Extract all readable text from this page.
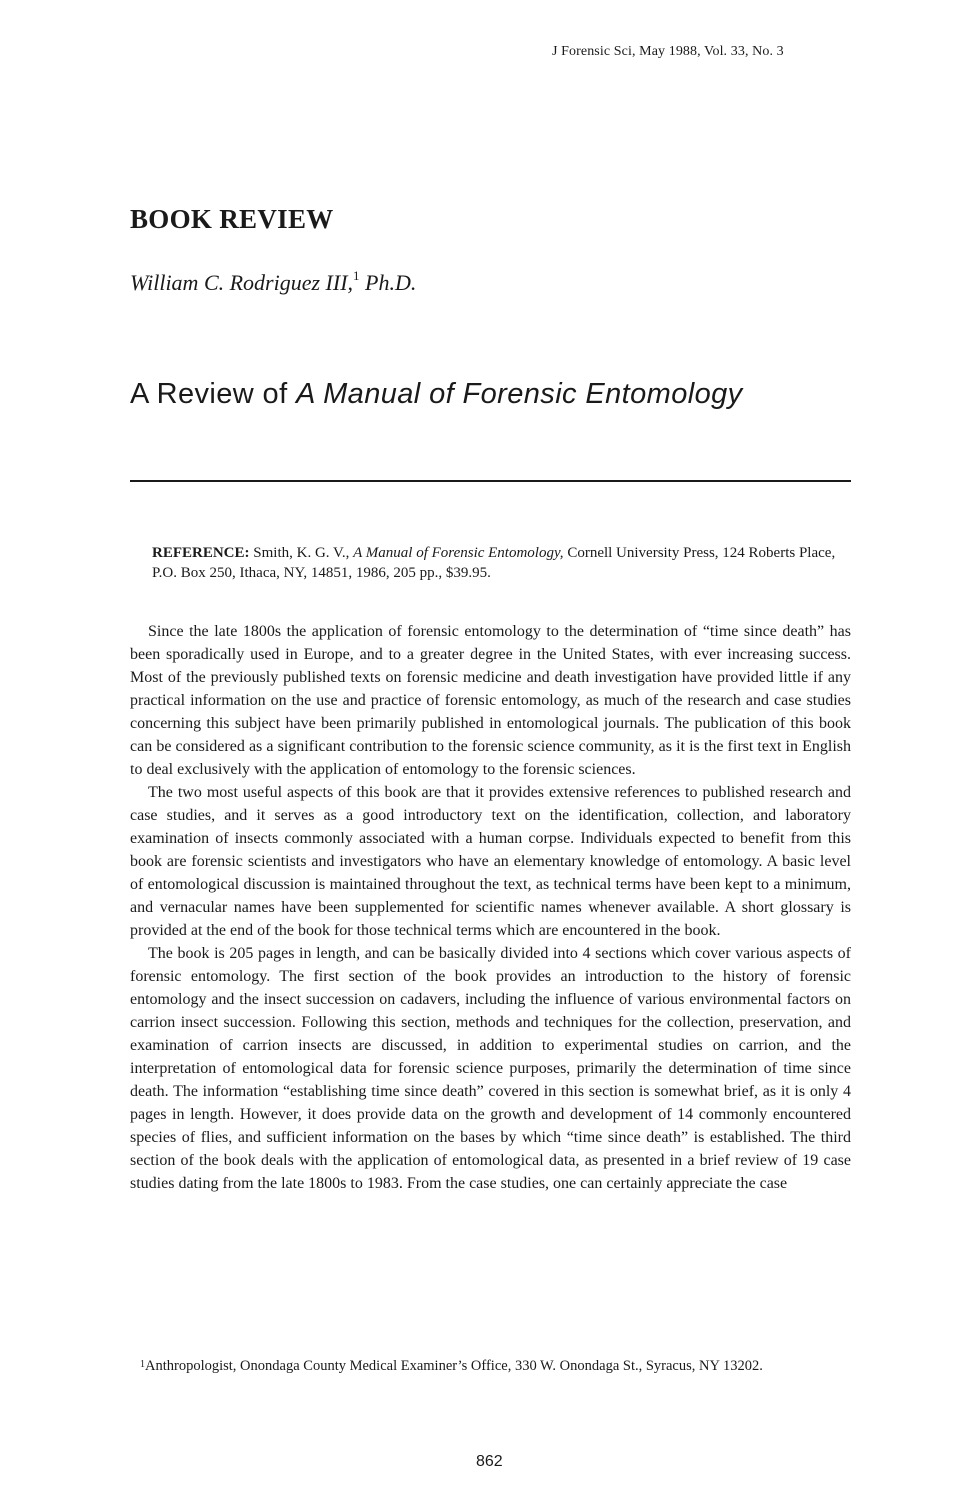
J Forensic Sci, May 1988, Vol. 33, No. 3
BOOK REVIEW
William C. Rodriguez III,$^1$ Ph.D.
A Review of A Manual of Forensic Entomology
REFERENCE: Smith, K. G. V., A Manual of Forensic Entomology, Cornell University Press, 124 Roberts Place, P.O. Box 250, Ithaca, NY, 14851, 1986, 205 pp., $39.95.

Since the late 1800s the application of forensic entomology to the determination of “time since death” has been sporadically used in Europe, and to a greater degree in the United States, with ever increasing success. Most of the previously published texts on forensic medicine and death investigation have provided little if any practical information on the use and practice of forensic entomology, as much of the research and case studies concerning this subject have been primarily published in entomological journals. The publication of this book can be considered as a significant contribution to the forensic science community, as it is the first text in English to deal exclusively with the application of entomology to the forensic sciences.

The two most useful aspects of this book are that it provides extensive references to published research and case studies, and it serves as a good introductory text on the identification, collection, and laboratory examination of insects commonly associated with a human corpse. Individuals expected to benefit from this book are forensic scientists and investigators who have an elementary knowledge of entomology. A basic level of entomological discussion is maintained throughout the text, as technical terms have been kept to a minimum, and vernacular names have been supplemented for scientific names whenever available. A short glossary is provided at the end of the book for those technical terms which are encountered in the book.

The book is 205 pages in length, and can be basically divided into 4 sections which cover various aspects of forensic entomology. The first section of the book provides an introduction to the history of forensic entomology and the insect succession on cadavers, including the influence of various environmental factors on carrion insect succession. Following this section, methods and techniques for the collection, preservation, and examination of carrion insects are discussed, in addition to experimental studies on carrion, and the interpretation of entomological data for forensic science purposes, primarily the determination of time since death. The information “establishing time since death” covered in this section is somewhat brief, as it is only 4 pages in length. However, it does provide data on the growth and development of 14 commonly encountered species of flies, and sufficient information on the bases by which “time since death” is established. The third section of the book deals with the application of entomological data, as presented in a brief review of 19 case studies dating from the late 1800s to 1983. From the case studies, one can certainly appreciate the case

$^1$Anthropologist, Onondaga County Medical Examiner’s Office, 330 W. Onondaga St., Syracus, NY 13202.
862
